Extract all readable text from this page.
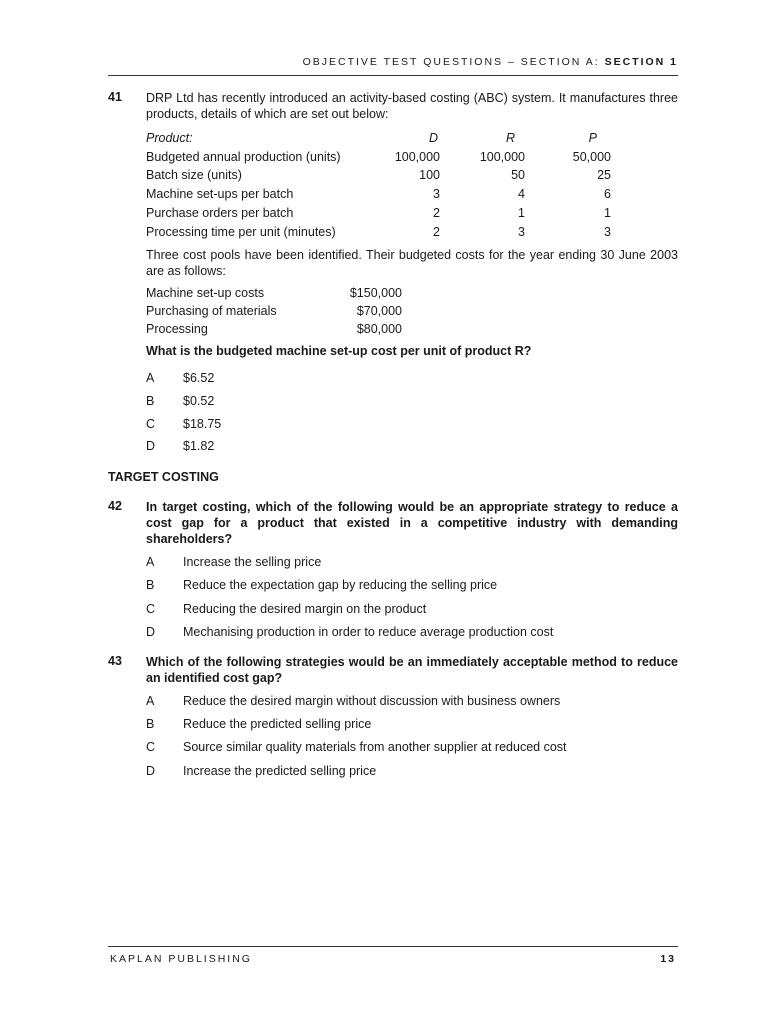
OBJECTIVE TEST QUESTIONS – SECTION A: SECTION 1
41 DRP Ltd has recently introduced an activity-based costing (ABC) system. It manufactures three products, details of which are set out below:

Product:	D	R	P
Budgeted annual production (units)	100,000	100,000	50,000
Batch size (units)	100	50	25
Machine set-ups per batch	3	4	6
Purchase orders per batch	2	1	1
Processing time per unit (minutes)	2	3	3

Three cost pools have been identified. Their budgeted costs for the year ending 30 June 2003 are as follows:

Machine set-up costs	$150,000
Purchasing of materials	$70,000
Processing	$80,000

What is the budgeted machine set-up cost per unit of product R?

A $6.52
B $0.52
C $18.75
D $1.82
TARGET COSTING
42 In target costing, which of the following would be an appropriate strategy to reduce a cost gap for a product that existed in a competitive industry with demanding shareholders?

A Increase the selling price
B Reduce the expectation gap by reducing the selling price
C Reducing the desired margin on the product
D Mechanising production in order to reduce average production cost
43 Which of the following strategies would be an immediately acceptable method to reduce an identified cost gap?

A Reduce the desired margin without discussion with business owners
B Reduce the predicted selling price
C Source similar quality materials from another supplier at reduced cost
D Increase the predicted selling price
KAPLAN PUBLISHING	13
